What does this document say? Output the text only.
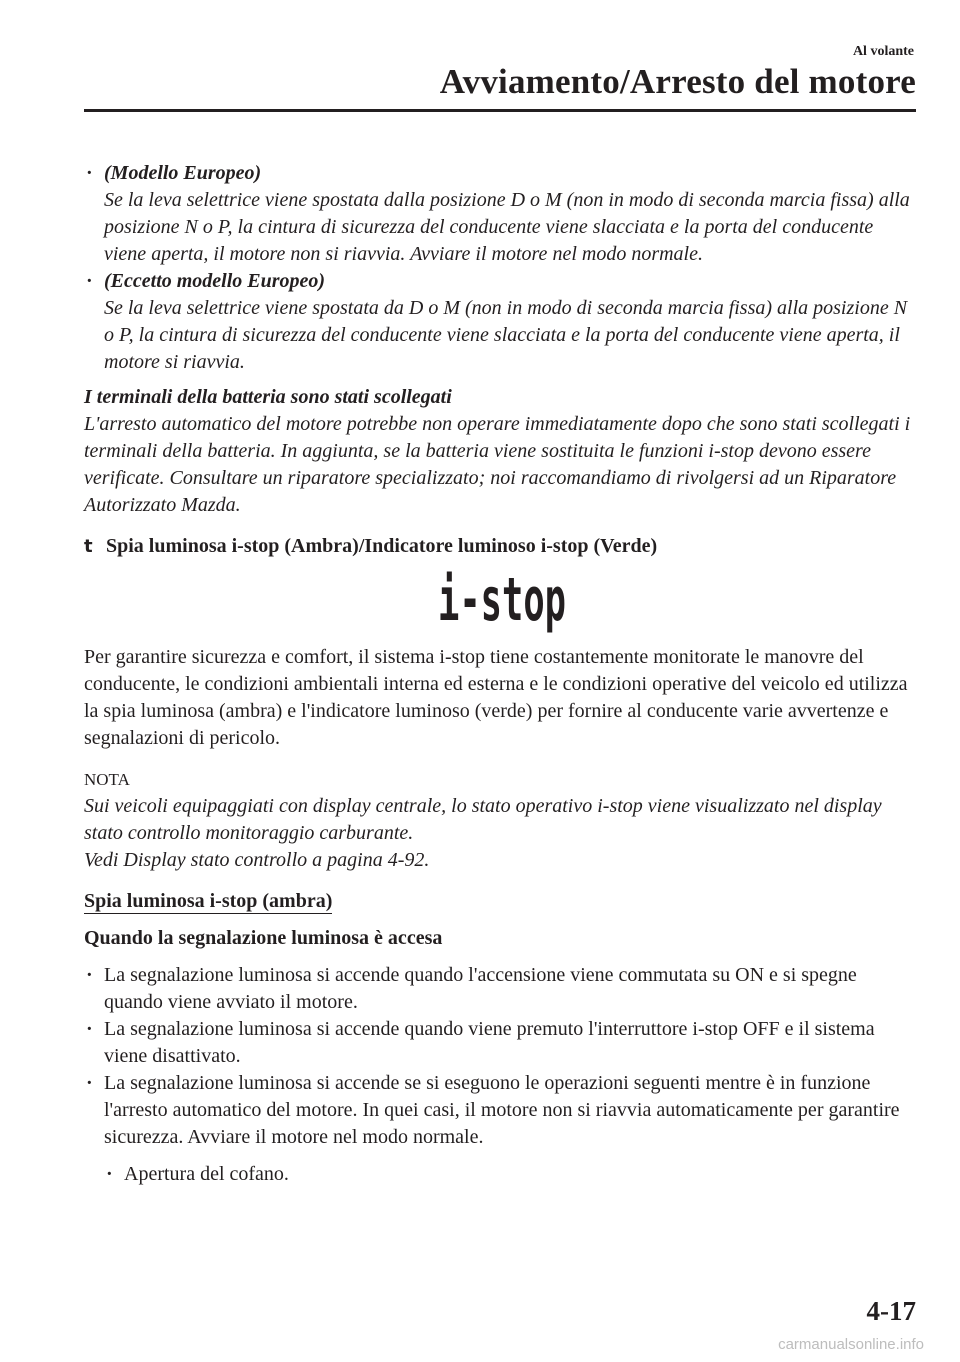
Al volante
Avviamento/Arresto del motore
· (Modello Europeo)
Se la leva selettrice viene spostata dalla posizione D o M (non in modo di seconda marcia fissa) alla posizione N o P, la cintura di sicurezza del conducente viene slacciata e la porta del conducente viene aperta, il motore non si riavvia. Avviare il motore nel modo normale.
· (Eccetto modello Europeo)
Se la leva selettrice viene spostata da D o M (non in modo di seconda marcia fissa) alla posizione N o P, la cintura di sicurezza del conducente viene slacciata e la porta del conducente viene aperta, il motore si riavvia.
I terminali della batteria sono stati scollegati
L'arresto automatico del motore potrebbe non operare immediatamente dopo che sono stati scollegati i terminali della batteria. In aggiunta, se la batteria viene sostituita le funzioni i-stop devono essere verificate. Consultare un riparatore specializzato; noi raccomandiamo di rivolgersi ad un Riparatore Autorizzato Mazda.
t Spia luminosa i-stop (Ambra)/Indicatore luminoso i-stop (Verde)
i-stop

Per garantire sicurezza e comfort, il sistema i-stop tiene costantemente monitorate le manovre del conducente, le condizioni ambientali interna ed esterna e le condizioni operative del veicolo ed utilizza la spia luminosa (ambra) e l'indicatore luminoso (verde) per fornire al conducente varie avvertenze e segnalazioni di pericolo.

NOTA
Sui veicoli equipaggiati con display centrale, lo stato operativo i-stop viene visualizzato nel display stato controllo monitoraggio carburante.
Vedi Display stato controllo a pagina 4-92.
Spia luminosa i-stop (ambra)
Quando la segnalazione luminosa è accesa
· La segnalazione luminosa si accende quando l'accensione viene commutata su ON e si spegne quando viene avviato il motore.
· La segnalazione luminosa si accende quando viene premuto l'interruttore i-stop OFF e il sistema viene disattivato.
· La segnalazione luminosa si accende se si eseguono le operazioni seguenti mentre è in funzione l'arresto automatico del motore. In quei casi, il motore non si riavvia automaticamente per garantire sicurezza. Avviare il motore nel modo normale.
· Apertura del cofano.
4-17
carmanualsonline.info
